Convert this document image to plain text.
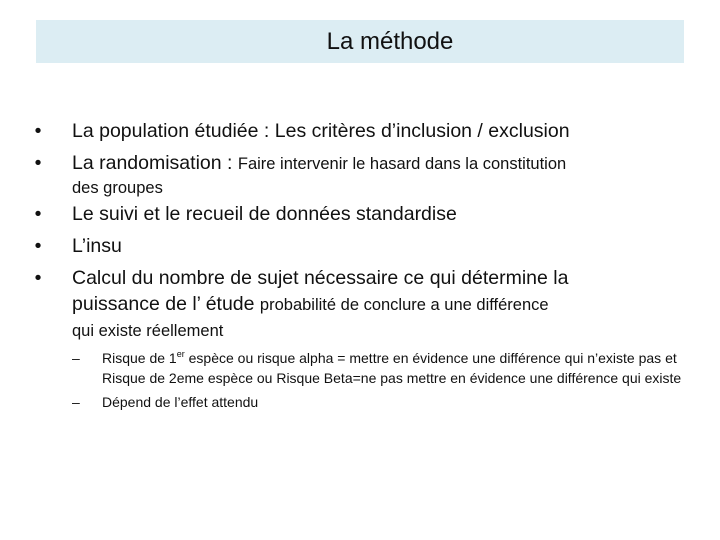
La méthode
•	La population étudiée : Les critères d’inclusion / exclusion
•	La randomisation : Faire intervenir le hasard dans la constitution
des groupes
•	Le suivi et le recueil de données standardise
•	L’insu
•	Calcul du nombre de sujet nécessaire ce qui détermine la
puissance de l’ étude probabilité de conclure a une différence
qui existe réellement
– Risque de 1er espèce ou risque alpha = mettre en évidence une différence qui n’existe pas et Risque de 2eme espèce ou Risque Beta=ne pas mettre en évidence une différence qui existe
– Dépend de l’effet attendu
